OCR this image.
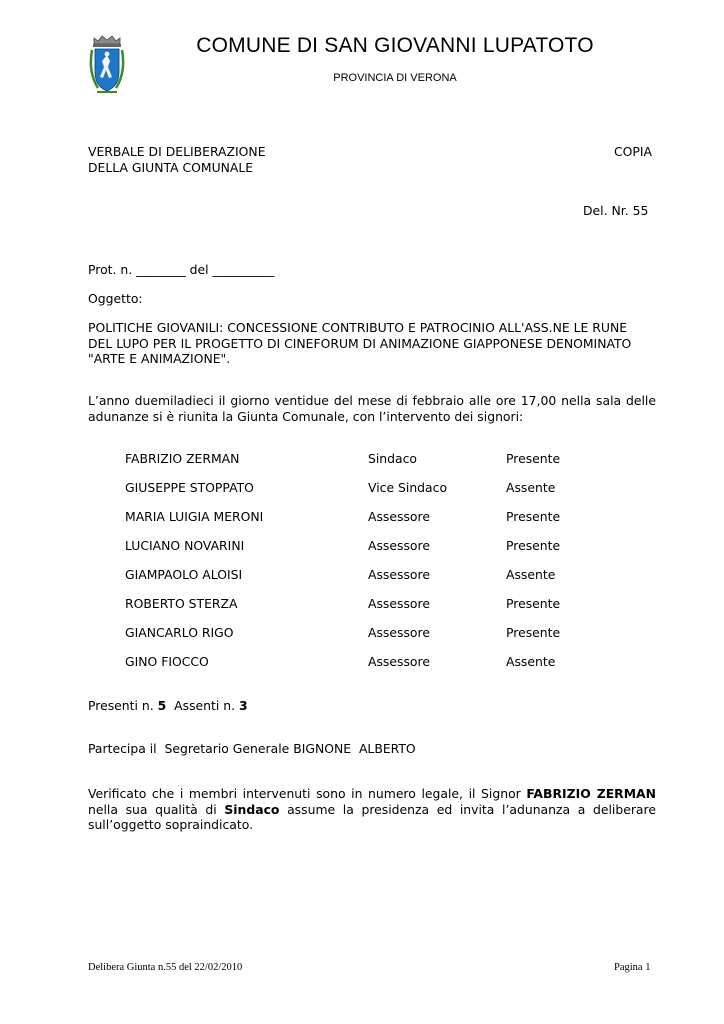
COMUNE DI SAN GIOVANNI LUPATOTO
PROVINCIA DI VERONA
VERBALE DI DELIBERAZIONE
DELLA GIUNTA COMUNALE
COPIA
Del. Nr. 55
Prot. n. ________ del __________
Oggetto:
POLITICHE GIOVANILI: CONCESSIONE CONTRIBUTO E PATROCINIO ALL'ASS.NE LE RUNE DEL LUPO PER IL PROGETTO DI CINEFORUM DI ANIMAZIONE GIAPPONESE DENOMINATO "ARTE E ANIMAZIONE".
L’anno duemiladieci il giorno ventidue del mese di febbraio alle ore 17,00 nella sala delle adunanze si è riunita la Giunta Comunale, con l’intervento dei signori:
FABRIZIO ZERMAN	Sindaco	Presente
GIUSEPPE STOPPATO	Vice Sindaco	Assente
MARIA LUIGIA MERONI	Assessore	Presente
LUCIANO NOVARINI	Assessore	Presente
GIAMPAOLO ALOISI	Assessore	Assente
ROBERTO STERZA	Assessore	Presente
GIANCARLO RIGO	Assessore	Presente
GINO FIOCCO	Assessore	Assente
Presenti n. 5 Assenti n. 3
Partecipa il  Segretario Generale BIGNONE  ALBERTO
Verificato che i membri intervenuti sono in numero legale, il Signor FABRIZIO ZERMAN nella sua qualità di Sindaco assume la presidenza ed invita l’adunanza a deliberare sull’oggetto sopraindicato.
Delibera Giunta n.55 del 22/02/2010	Pagina 1
